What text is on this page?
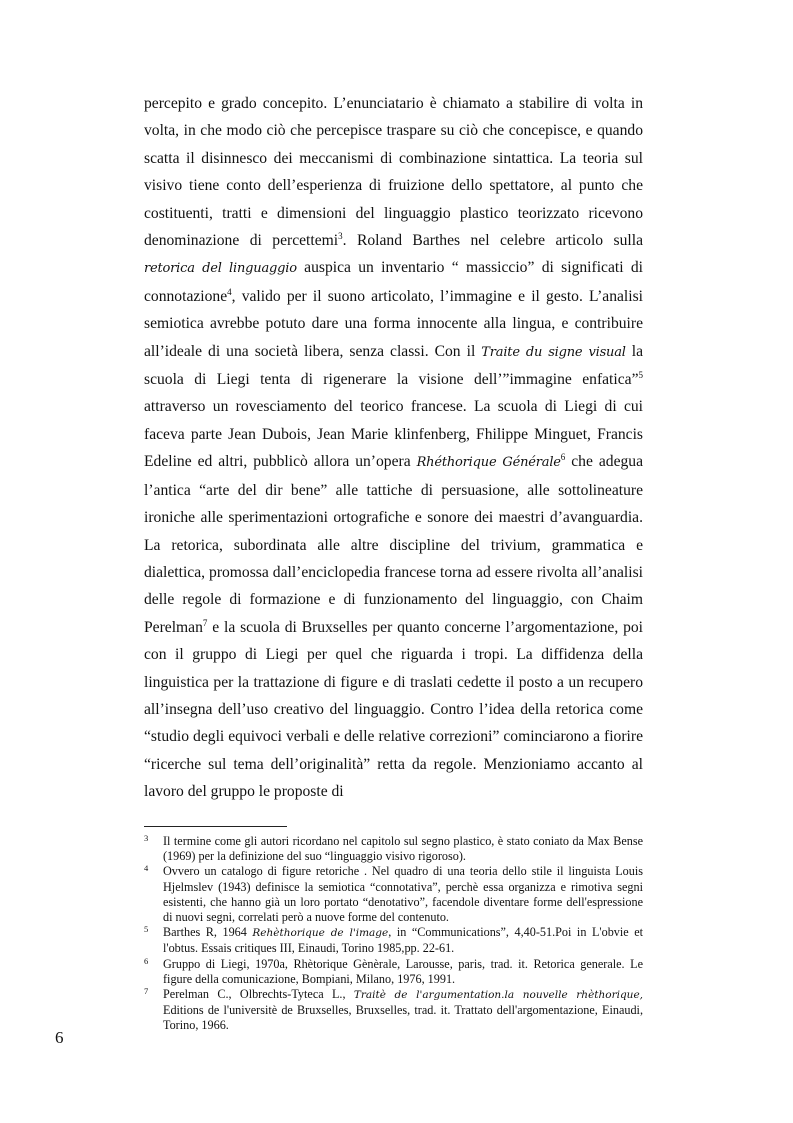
percepito e grado concepito. L’enunciatario è chiamato a stabilire di volta in volta, in che modo ciò che percepisce traspare su ciò che concepisce, e quando scatta il disinnesco dei meccanismi di combinazione sintattica. La teoria sul visivo tiene conto dell’esperienza di fruizione dello spettatore, al punto che costituenti, tratti e dimensioni del linguaggio plastico teorizzato ricevono denominazione di percettemi$^3$. Roland Barthes nel celebre articolo sulla retorica del linguaggio auspica un inventario “ massiccio” di significati di connotazione$^4$, valido per il suono articolato, l’immagine e il gesto. L’analisi semiotica avrebbe potuto dare una forma innocente alla lingua, e contribuire all’ideale di una società libera, senza classi. Con il Traite du signe visual la scuola di Liegi tenta di rigenerare la visione dell’”immagine enfatica”$^5$ attraverso un rovesciamento del teorico francese. La scuola di Liegi di cui faceva parte Jean Dubois, Jean Marie klinfenberg, Fhilippe Minguet, Francis Edeline ed altri, pubblicò allora un’opera Rhéthorique Générale$^6$ che adegua l’antica “arte del dir bene” alle tattiche di persuasione, alle sottolineature ironiche alle sperimentazioni ortografiche e sonore dei maestri d’avanguardia. La retorica, subordinata alle altre discipline del trivium, grammatica e dialettica, promossa dall’enciclopedia francese torna ad essere rivolta all’analisi delle regole di formazione e di funzionamento del linguaggio, con Chaim Perelman$^7$ e la scuola di Bruxselles per quanto concerne l’argomentazione, poi con il gruppo di Liegi per quel che riguarda i tropi. La diffidenza della linguistica per la trattazione di figure e di traslati cedette il posto a un recupero all’insegna dell’uso creativo del linguaggio. Contro l’idea della retorica come “studio degli equivoci verbali e delle relative correzioni” cominciarono a fiorire “ricerche sul tema dell’originalità” retta da regole. Menzioniamo accanto al lavoro del gruppo le proposte di

3 Il termine come gli autori ricordano nel capitolo sul segno plastico, è stato coniato da Max Bense (1969) per la definizione del suo “linguaggio visivo rigoroso).

4 Ovvero un catalogo di figure retoriche . Nel quadro di una teoria dello stile il linguista Louis Hjelmslev (1943) definisce la semiotica “connotativa”, perchè essa organizza e rimotiva segni esistenti, che hanno già un loro portato “denotativo”, facendole diventare forme dell'espressione di nuovi segni, correlati però a nuove forme del contenuto.

5 Barthes R, 1964 Rehèthorique de l'image, in “Communications”, 4,40-51.Poi in L'obvie et l'obtus. Essais critiques III, Einaudi, Torino 1985,pp. 22-61.

6 Gruppo di Liegi, 1970a, Rhètorique Gènèrale, Larousse, paris, trad. it. Retorica generale. Le figure della comunicazione, Bompiani, Milano, 1976, 1991.

7 Perelman C., Olbrechts-Tyteca L., Traitè de l'argumentation.la nouvelle rhèthorique, Editions de l'universitè de Bruxselles, Bruxselles, trad. it. Trattato dell'argomentazione, Einaudi, Torino, 1966.

6
